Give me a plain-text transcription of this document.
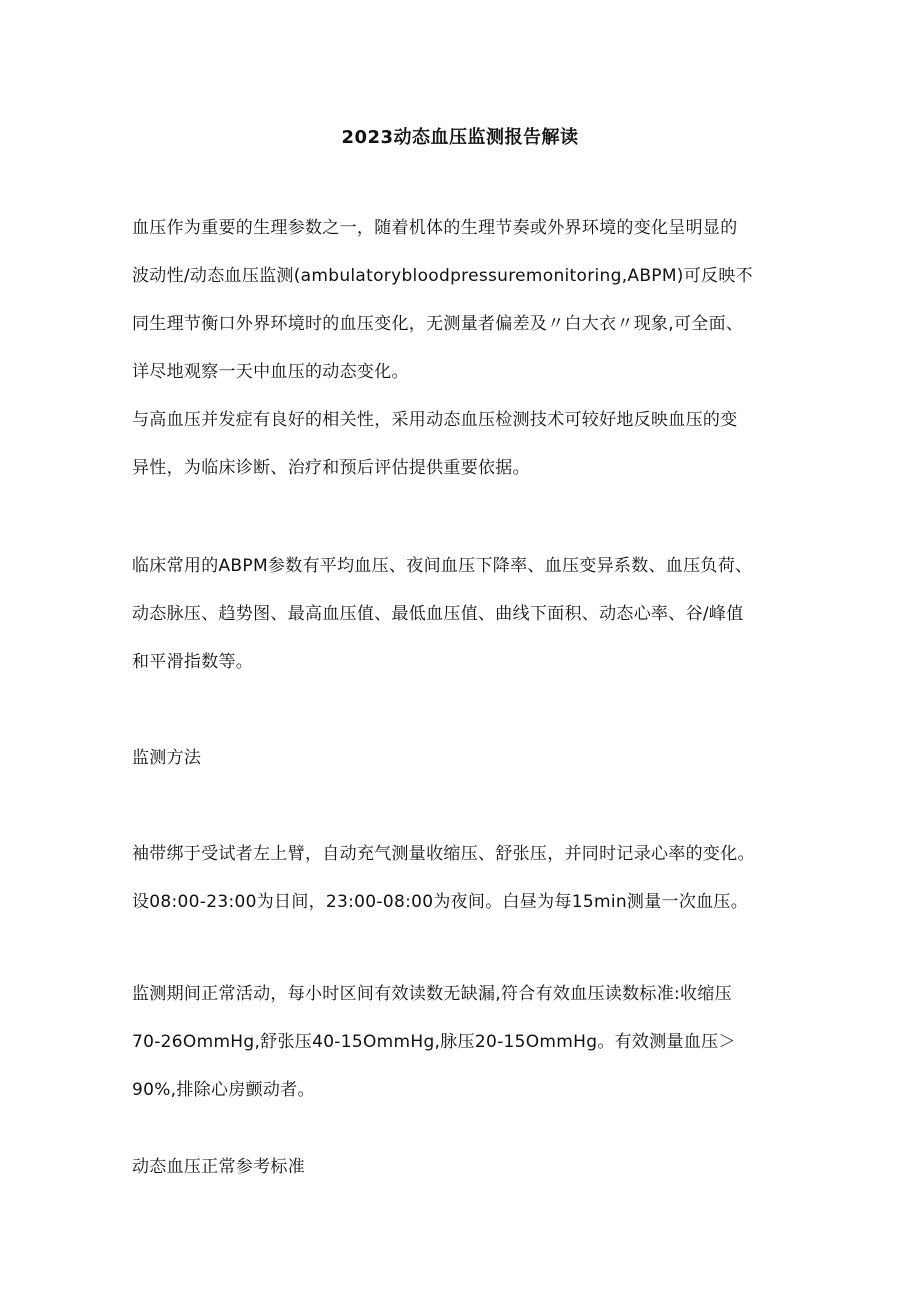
2023动态血压监测报告解读
血压作为重要的生理参数之一，随着机体的生理节奏或外界环境的变化呈明显的
波动性/动态血压监测(ambulatorybloodpressuremonitoring,ABPM)可反映不
同生理节衡口外界环境时的血压变化，无测量者偏差及〃白大衣〃现象,可全面、
详尽地观察一天中血压的动态变化。
与高血压并发症有良好的相关性，采用动态血压检测技术可较好地反映血压的变
异性，为临床诊断、治疗和预后评估提供重要依据。
临床常用的ABPM参数有平均血压、夜间血压下降率、血压变异系数、血压负荷、
动态脉压、趋势图、最高血压值、最低血压值、曲线下面积、动态心率、谷/峰值
和平滑指数等。
监测方法
袖带绑于受试者左上臂，自动充气测量收缩压、舒张压，并同时记录心率的变化。
设08:00-23:00为日间，23:00-08:00为夜间。白昼为每15min测量一次血压。
监测期间正常活动，每小时区间有效读数无缺漏,符合有效血压读数标准:收缩压
70-26OmmHg,舒张压40-15OmmHg,脉压20-15OmmHg。有效测量血压＞
90%,排除心房颤动者。
动态血压正常参考标准
